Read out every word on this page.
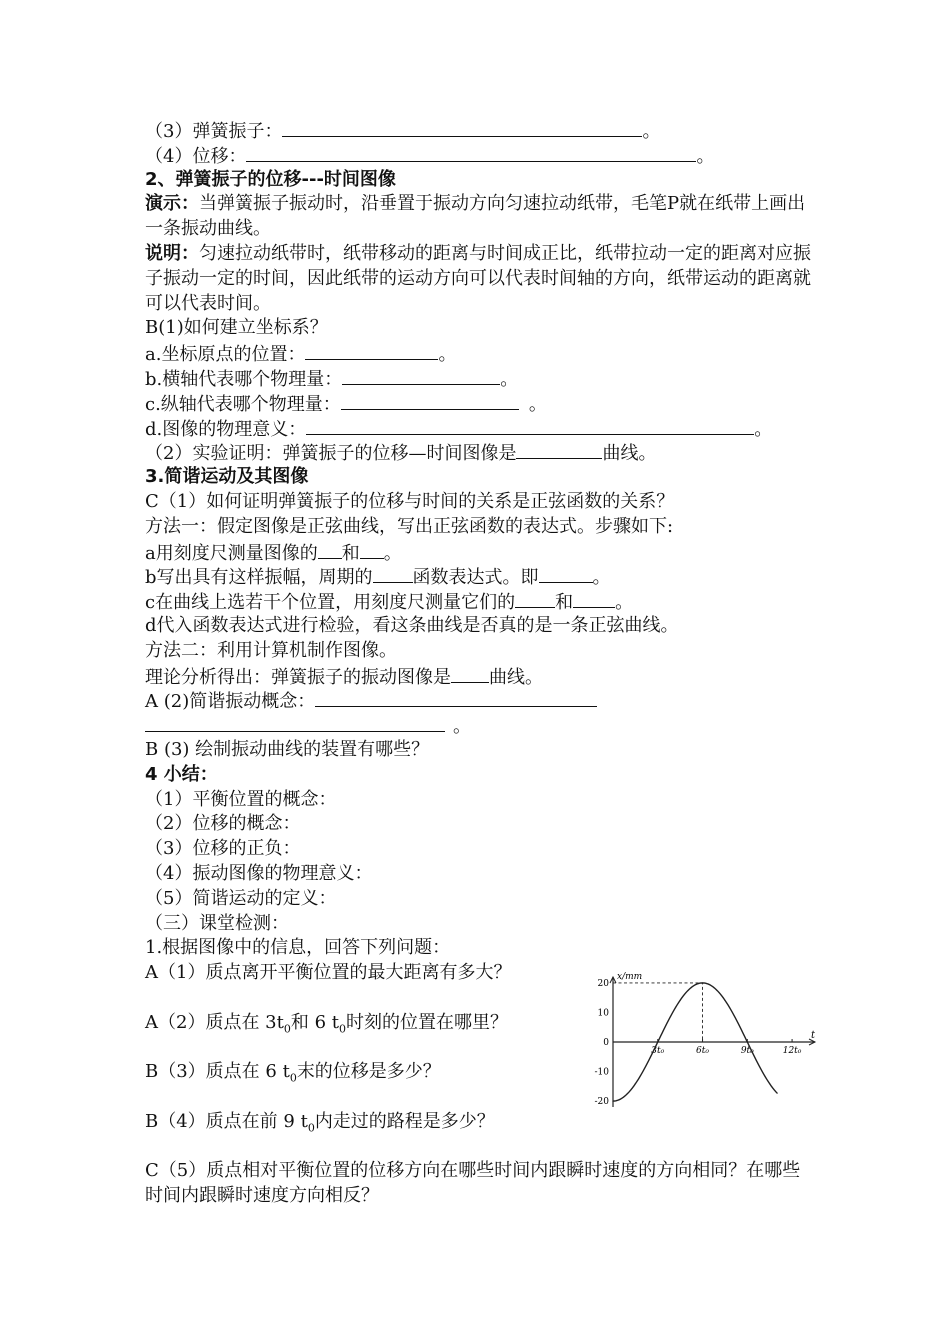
（3）弹簧振子：	。
（4）位移：	。
2、弹簧振子的位移---时间图像
演示：当弹簧振子振动时，沿垂置于振动方向匀速拉动纸带，毛笔P就在纸带上画出一条振动曲线。
说明：匀速拉动纸带时，纸带移动的距离与时间成正比，纸带拉动一定的距离对应振子振动一定的时间，因此纸带的运动方向可以代表时间轴的方向，纸带运动的距离就可以代表时间。
B(1)如何建立坐标系？
a.坐标原点的位置：	。
b.横轴代表哪个物理量：	。
c.纵轴代表哪个物理量：	。
d.图像的物理意义：	。
（2）实验证明：弹簧振子的位移—时间图像是	曲线。
3.简谐运动及其图像
C（1）如何证明弹簧振子的位移与时间的关系是正弦函数的关系？
方法一：假定图像是正弦曲线，写出正弦函数的表达式。步骤如下:
a用刻度尺测量图像的 和 。
b写出具有这样振幅，周期的 函数表达式。即	。
c在曲线上选若干个位置，用刻度尺测量它们的 和 。
d代入函数表达式进行检验，看这条曲线是否真的是一条正弦曲线。
方法二：利用计算机制作图像。
理论分析得出：弹簧振子的振动图像是 曲线。
A (2)简谐振动概念：
。
B (3) 绘制振动曲线的装置有哪些？
4 小结：
（1）平衡位置的概念：
（2）位移的概念：
（3）位移的正负：
（4）振动图像的物理意义：
（5）简谐运动的定义：
（三）课堂检测：
1.根据图像中的信息，回答下列问题：
A（1）质点离开平衡位置的最大距离有多大？
A（2）质点在 $3t_0$和 6 $t_0$时刻的位置在哪里？
B（3）质点在 6 $t_0$末的位移是多少？
B（4）质点在前 9 $t_0$内走过的路程是多少？
C（5）质点相对平衡位置的位移方向在哪些时间内跟瞬时速度的方向相同？在哪些时间内跟瞬时速度方向相反？
x/mm
t
20
10
0
-10
-20
3t₀	6t₀	9t₀	12t₀
